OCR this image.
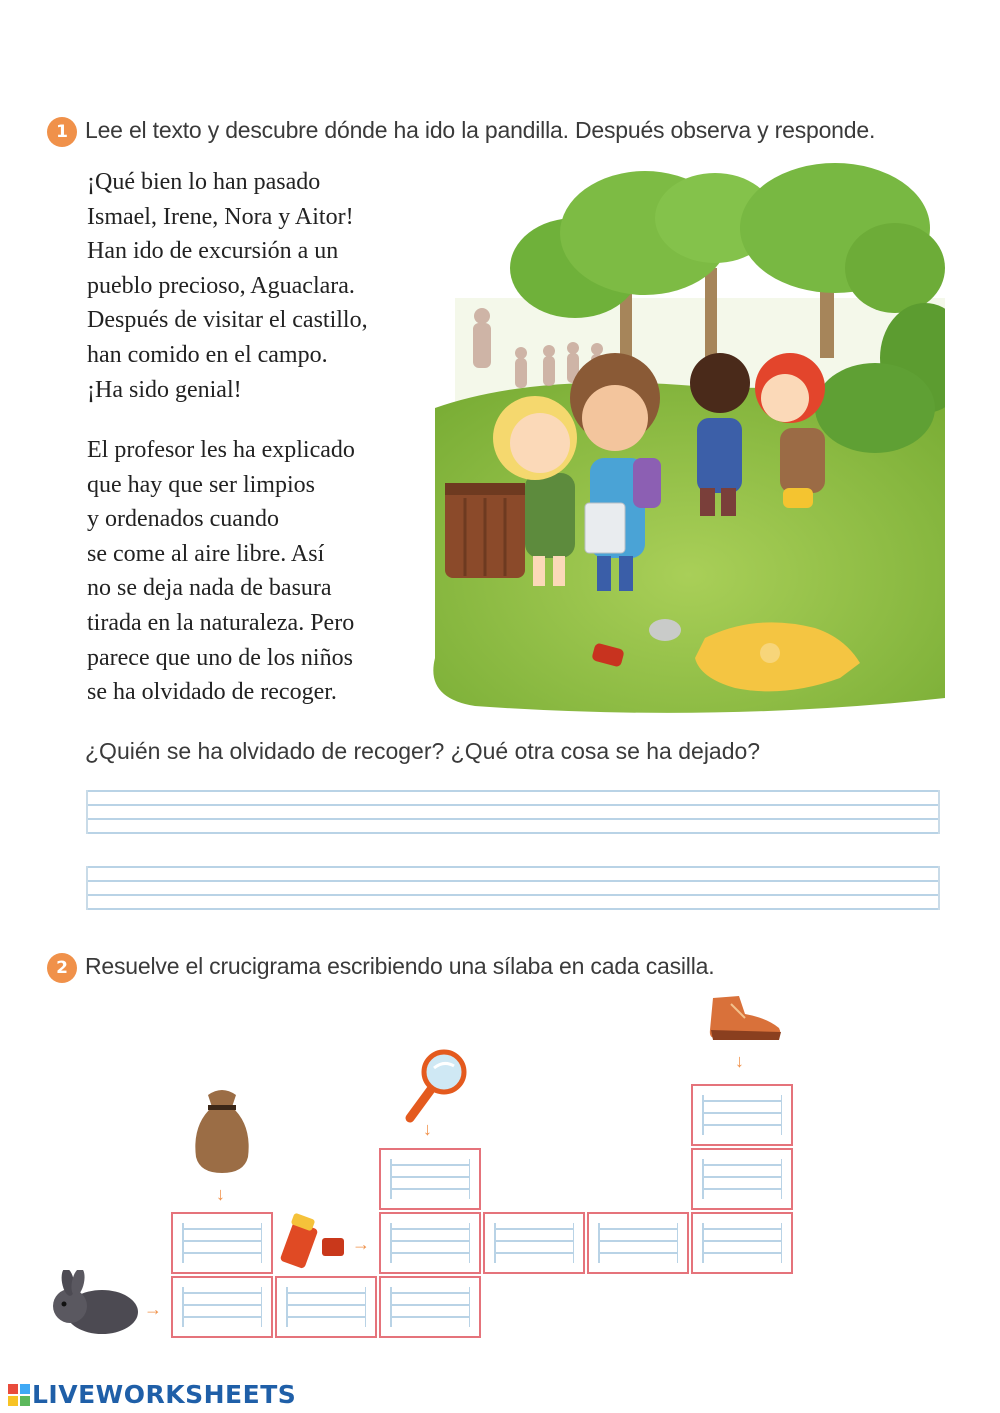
1 Lee el texto y descubre dónde ha ido la pandilla. Después observa y responde.
¡Qué bien lo han pasado
Ismael, Irene, Nora y Aitor!
Han ido de excursión a un
pueblo precioso, Aguaclara.
Después de visitar el castillo,
han comido en el campo.
¡Ha sido genial!
El profesor les ha explicado
que hay que ser limpios
y ordenados cuando
se come al aire libre. Así
no se deja nada de basura
tirada en la naturaleza. Pero
parece que uno de los niños
se ha olvidado de recoger.
¿Quién se ha olvidado de recoger? ¿Qué otra cosa se ha dejado?
2 Resuelve el crucigrama escribiendo una sílaba en cada casilla.
↓
↓
↓
→
→
LIVEWORKSHEETS
